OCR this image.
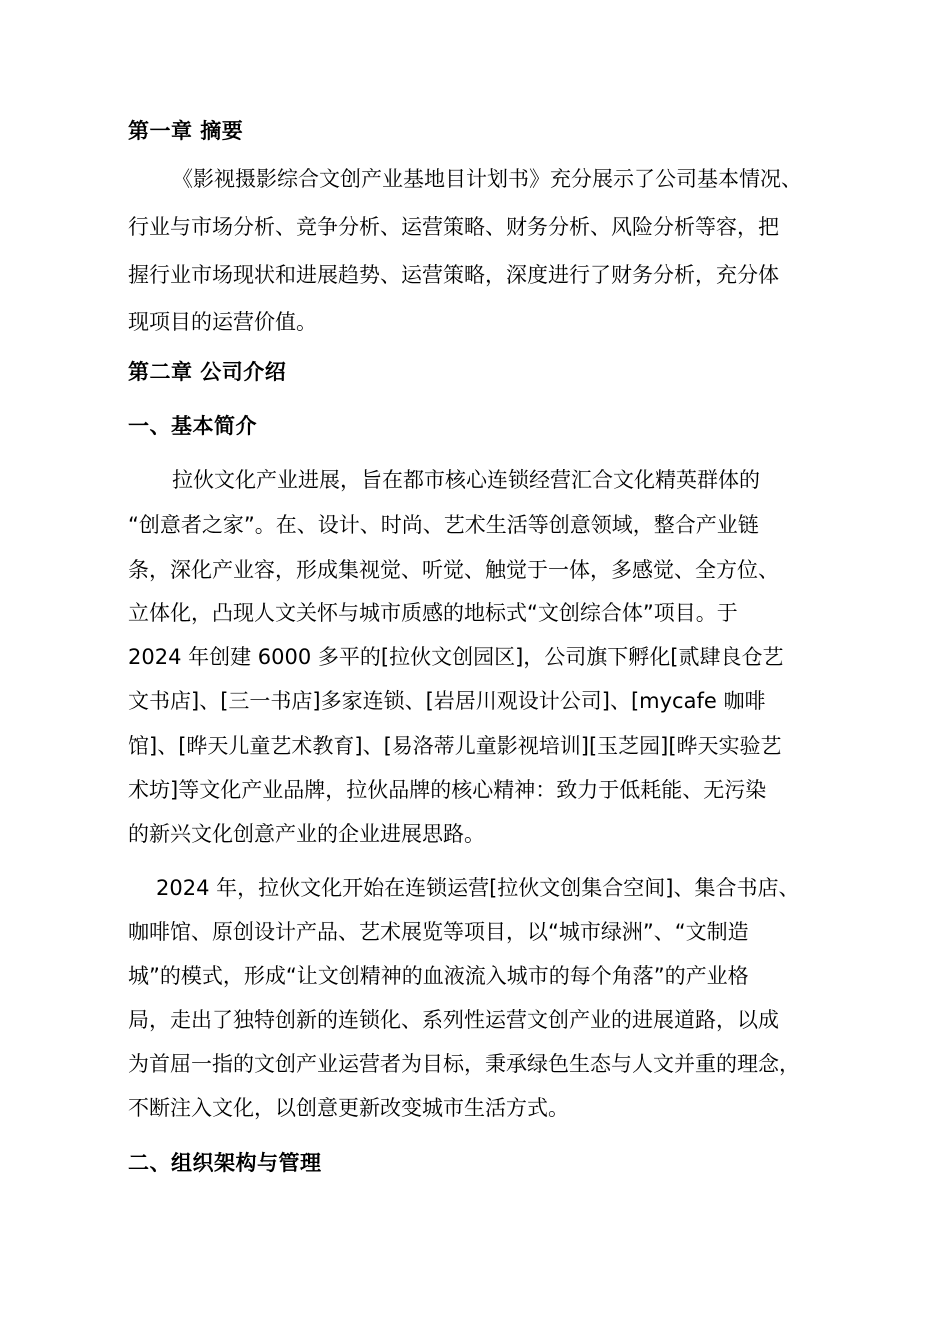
第一章 摘要
《影视摄影综合文创产业基地目计划书》充分展示了公司基本情况、
行业与市场分析、竞争分析、运营策略、财务分析、风险分析等容，把
握行业市场现状和进展趋势、运营策略，深度进行了财务分析，充分体
现项目的运营价值。
第二章 公司介绍
一、基本简介
拉伙文化产业进展，旨在都市核心连锁经营汇合文化精英群体的
“创意者之家”。在、设计、时尚、艺术生活等创意领域，整合产业链
条，深化产业容，形成集视觉、听觉、触觉于一体，多感觉、全方位、
立体化，凸现人文关怀与城市质感的地标式“文创综合体”项目。于
2024 年创建 6000 多平的[拉伙文创园区]，公司旗下孵化[贰肆良仓艺
文书店]、[三一书店]多家连锁、[岩居川观设计公司]、[mycafe 咖啡
馆]、[晔天儿童艺术教育]、[易洛蒂儿童影视培训][玉芝园][晔天实验艺
术坊]等文化产业品牌，拉伙品牌的核心精神：致力于低耗能、无污染
的新兴文化创意产业的企业进展思路。
2024 年，拉伙文化开始在连锁运营[拉伙文创集合空间]、集合书店、
咖啡馆、原创设计产品、艺术展览等项目，以“城市绿洲”、“文制造
城”的模式，形成“让文创精神的血液流入城市的每个角落”的产业格
局，走出了独特创新的连锁化、系列性运营文创产业的进展道路，以成
为首屈一指的文创产业运营者为目标，秉承绿色生态与人文并重的理念，
不断注入文化，以创意更新改变城市生活方式。
二、组织架构与管理
